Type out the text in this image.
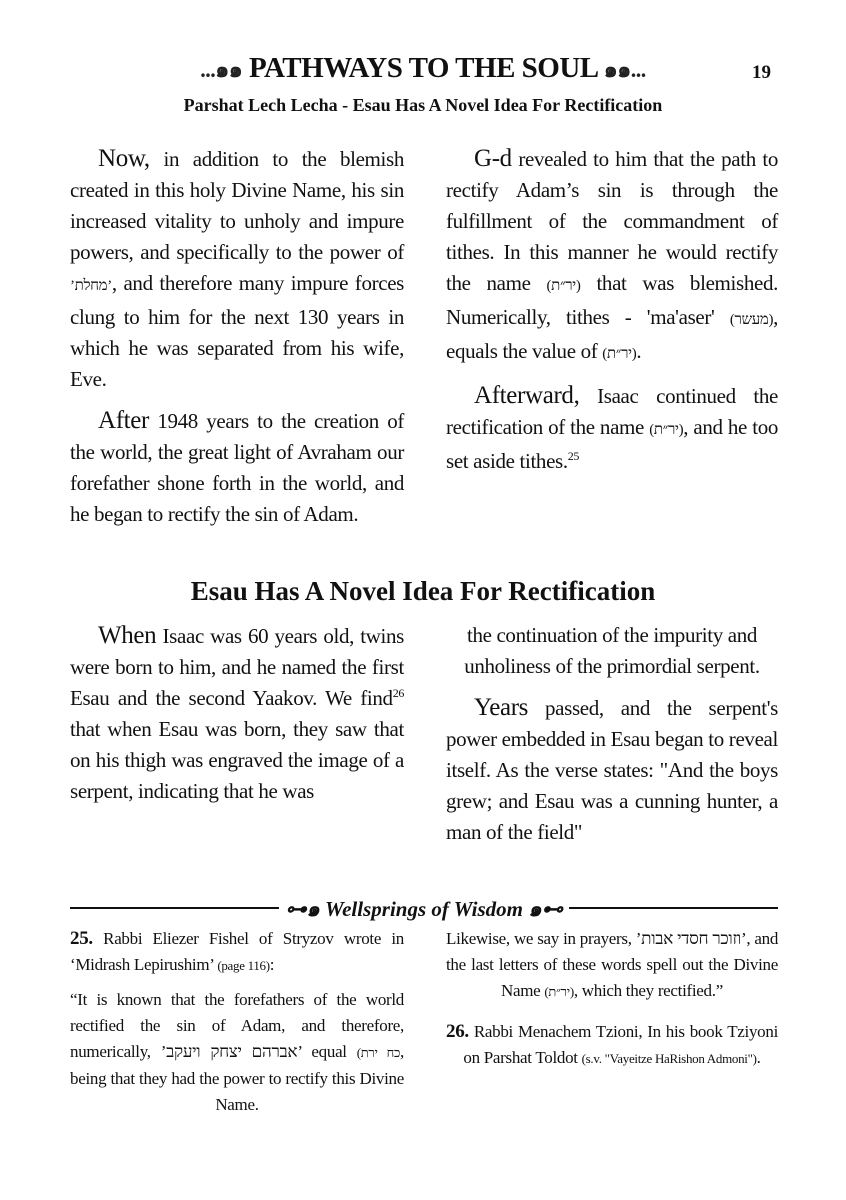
...๑๑ PATHWAYS TO THE SOUL ๑๑...	19
Parshat Lech Lecha - Esau Has A Novel Idea For Rectification

Now, in addition to the blemish created in this holy Divine Name, his sin increased vitality to unholy and impure powers, and specifically to the power of ’מחלת’, and therefore many impure forces clung to him for the next 130 years in which he was separated from his wife, Eve.

After 1948 years to the creation of the world, the great light of Avraham our forefather shone forth in the world, and he began to rectify the sin of Adam.

G-d revealed to him that the path to rectify Adam’s sin is through the fulfillment of the commandment of tithes. In this manner he would rectify the name (יר״ת) that was blemished. Numerically, tithes - 'ma'aser' (מעשר), equals the value of (יר״ת).

Afterward, Isaac continued the rectification of the name (יר״ת), and he too set aside tithes.$^{25}$

Esau Has A Novel Idea For Rectification

When Isaac was 60 years old, twins were born to him, and he named the first Esau and the second Yaakov. We find$^{26}$ that when Esau was born, they saw that on his thigh was engraved the image of a serpent, indicating that he was

the continuation of the impurity and unholiness of the primordial serpent.

Years passed, and the serpent's power embedded in Esau began to reveal itself. As the verse states: "And the boys grew; and Esau was a cunning hunter, a man of the field"

⊶๑ Wellsprings of Wisdom ๑⊷

25. Rabbi Eliezer Fishel of Stryzov wrote in ‘Midrash Lepirushim’ (page 116):

“It is known that the forefathers of the world rectified the sin of Adam, and therefore, numerically, ’אברהם יצחק ויעקב’ equal (כח ירת, being that they had the power to rectify this Divine Name.

Likewise, we say in prayers, ’וזוכר חסדי אבות’, and the last letters of these words spell out the Divine Name (יר״ת), which they rectified.”

26. Rabbi Menachem Tzioni, In his book Tziyoni on Parshat Toldot (s.v. "Vayeitze HaRishon Admoni").
